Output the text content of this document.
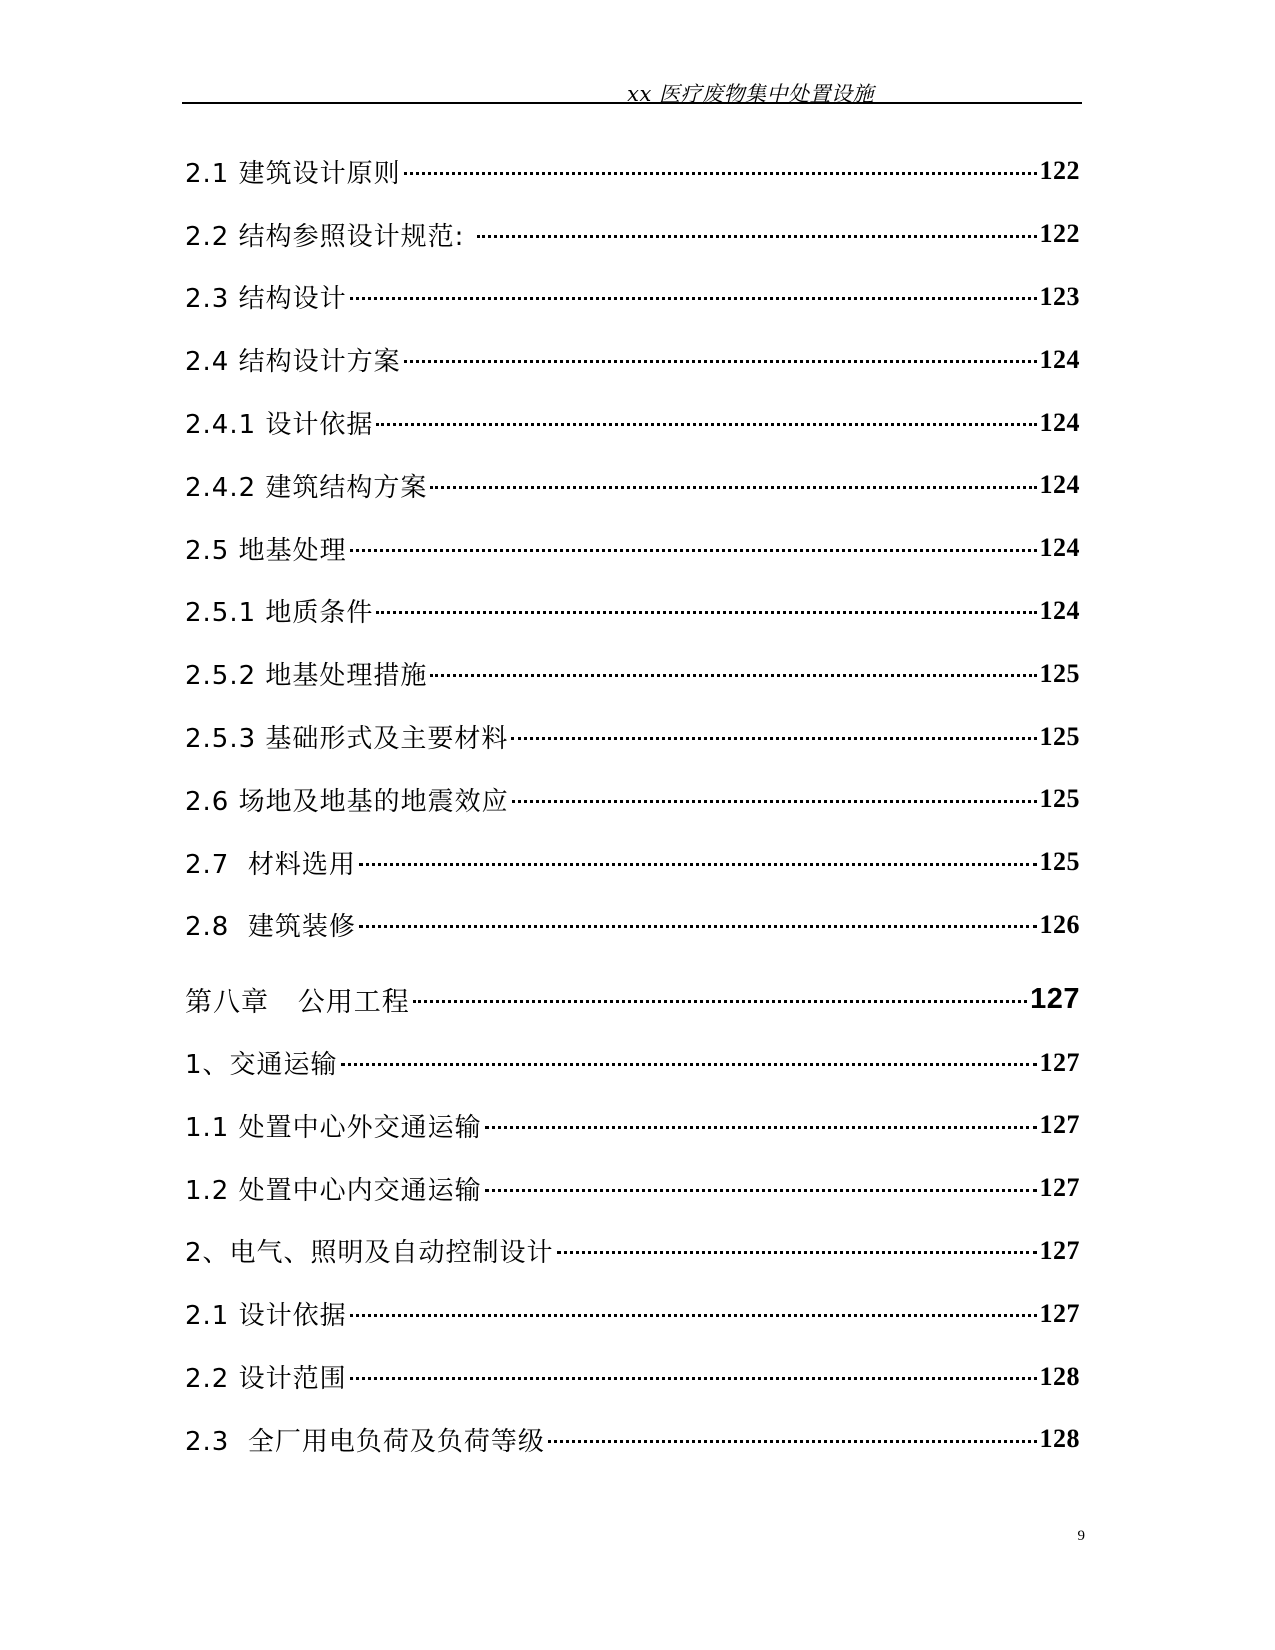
xx 医疗废物集中处置设施
2.1 建筑设计原则	122
2.2 结构参照设计规范:	122
2.3 结构设计	123
2.4 结构设计方案	124
2.4.1 设计依据	124
2.4.2 建筑结构方案	124
2.5 地基处理	124
2.5.1 地质条件	124
2.5.2 地基处理措施	125
2.5.3 基础形式及主要材料	125
2.6 场地及地基的地震效应	125
2.7  材料选用	125
2.8  建筑装修	126
第八章   公用工程	127
1、交通运输	127
1.1 处置中心外交通运输	127
1.2 处置中心内交通运输	127
2、电气、照明及自动控制设计	127
2.1 设计依据	127
2.2 设计范围	128
2.3  全厂用电负荷及负荷等级	128
9
